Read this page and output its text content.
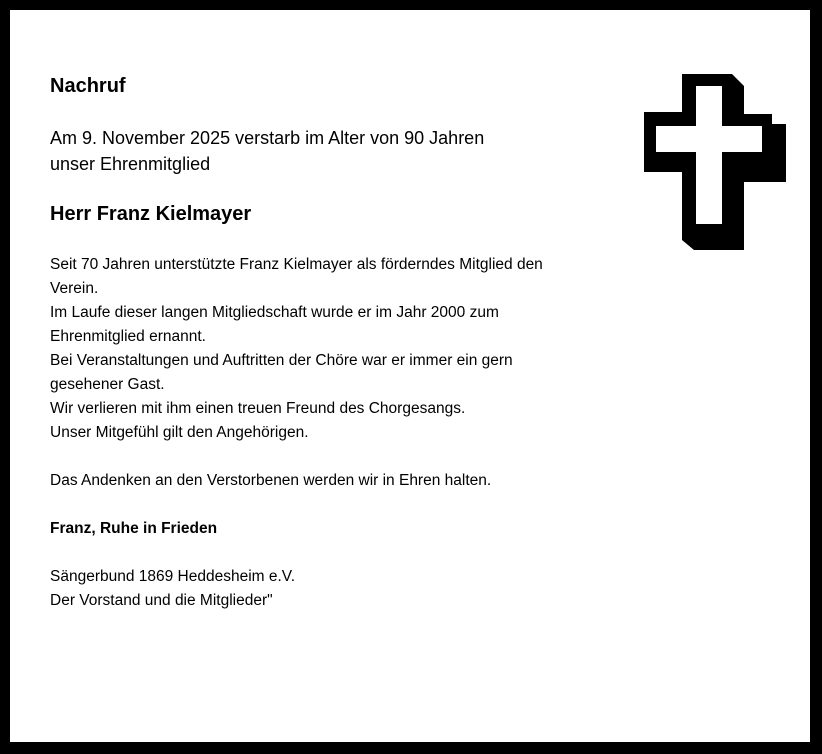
Nachruf

Am 9. November 2025 verstarb im Alter von 90 Jahren
unser Ehrenmitglied

Herr Franz Kielmayer

Seit 70 Jahren unterstützte Franz Kielmayer als förderndes Mitglied den
Verein.
Im Laufe dieser langen Mitgliedschaft wurde er im Jahr 2000 zum
Ehrenmitglied ernannt.
Bei Veranstaltungen und Auftritten der Chöre war er immer ein gern
gesehener Gast.
Wir verlieren mit ihm einen treuen Freund des Chorgesangs.
Unser Mitgefühl gilt den Angehörigen.

Das Andenken an den Verstorbenen werden wir in Ehren halten.

Franz, Ruhe in Frieden

Sängerbund 1869 Heddesheim e.V.
Der Vorstand und die Mitglieder"
